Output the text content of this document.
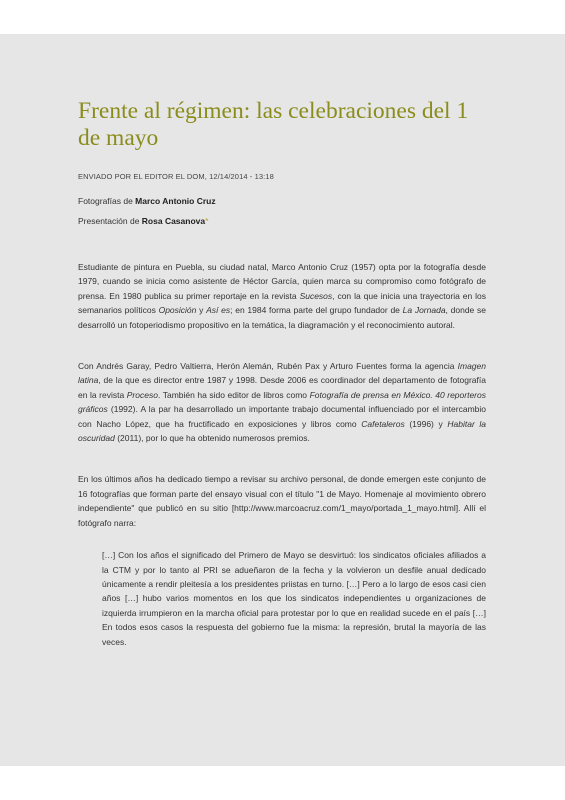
Frente al régimen: las celebraciones del 1 de mayo
ENVIADO POR EL EDITOR EL DOM, 12/14/2014 - 13:18
Fotografías de Marco Antonio Cruz
Presentación de Rosa Casanova*

Estudiante de pintura en Puebla, su ciudad natal, Marco Antonio Cruz (1957) opta por la fotografía desde 1979, cuando se inicia como asistente de Héctor García, quien marca su compromiso como fotógrafo de prensa. En 1980 publica su primer reportaje en la revista Sucesos, con la que inicia una trayectoria en los semanarios políticos Oposición y Así es; en 1984 forma parte del grupo fundador de La Jornada, donde se desarrolló un fotoperiodismo propositivo en la temática, la diagramación y el reconocimiento autoral.

Con Andrés Garay, Pedro Valtierra, Herón Alemán, Rubén Pax y Arturo Fuentes forma la agencia Imagen latina, de la que es director entre 1987 y 1998. Desde 2006 es coordinador del departamento de fotografía en la revista Proceso. También ha sido editor de libros como Fotografía de prensa en México. 40 reporteros gráficos (1992). A la par ha desarrollado un importante trabajo documental influenciado por el intercambio con Nacho López, que ha fructificado en exposiciones y libros como Cafetaleros (1996) y Habitar la oscuridad (2011), por lo que ha obtenido numerosos premios.

En los últimos años ha dedicado tiempo a revisar su archivo personal, de donde emergen este conjunto de 16 fotografías que forman parte del ensayo visual con el título "1 de Mayo. Homenaje al movimiento obrero independiente" que publicó en su sitio [http://www.marcoacruz.com/1_mayo/portada_1_mayo.html]. Allí el fotógrafo narra:

[…] Con los años el significado del Primero de Mayo se desvirtuó: los sindicatos oficiales afiliados a la CTM y por lo tanto al PRI se adueñaron de la fecha y la volvieron un desfile anual dedicado únicamente a rendir pleitesía a los presidentes priistas en turno. […] Pero a lo largo de esos casi cien años […] hubo varios momentos en los que los sindicatos independientes u organizaciones de izquierda irrumpieron en la marcha oficial para protestar por lo que en realidad sucede en el país […] En todos esos casos la respuesta del gobierno fue la misma: la represión, brutal la mayoría de las veces.
